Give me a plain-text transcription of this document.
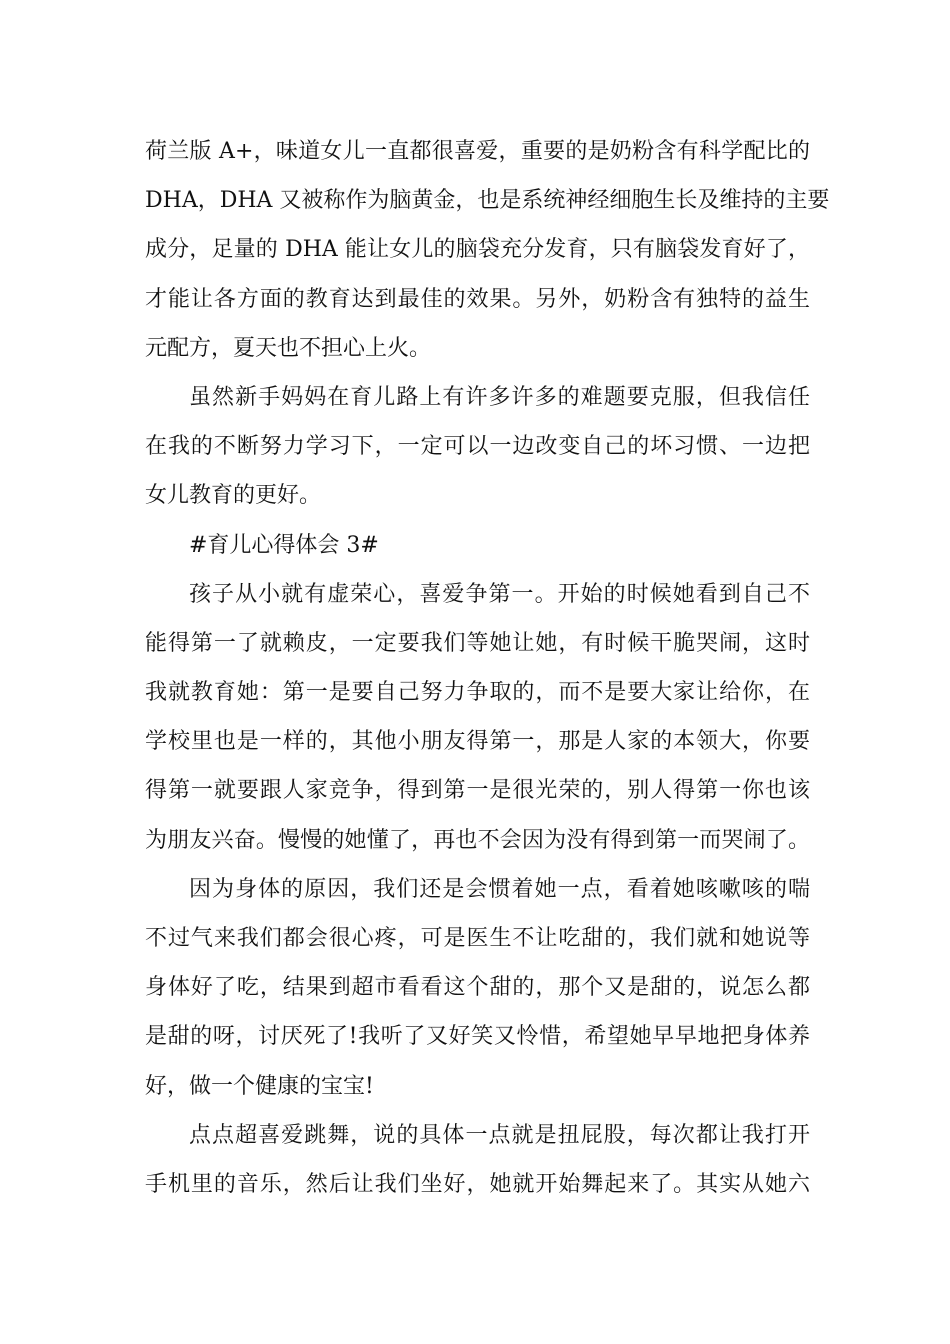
荷兰版 A+，味道女儿一直都很喜爱，重要的是奶粉含有科学配比的
DHA，DHA 又被称作为脑黄金，也是系统神经细胞生长及维持的主要
成分，足量的 DHA 能让女儿的脑袋充分发育，只有脑袋发育好了，
才能让各方面的教育达到最佳的效果。另外，奶粉含有独特的益生
元配方，夏天也不担心上火。
虽然新手妈妈在育儿路上有许多许多的难题要克服，但我信任
在我的不断努力学习下，一定可以一边改变自己的坏习惯、一边把
女儿教育的更好。
#育儿心得体会 3#
孩子从小就有虚荣心，喜爱争第一。开始的时候她看到自己不
能得第一了就赖皮，一定要我们等她让她，有时候干脆哭闹，这时
我就教育她：第一是要自己努力争取的，而不是要大家让给你，在
学校里也是一样的，其他小朋友得第一，那是人家的本领大，你要
得第一就要跟人家竞争，得到第一是很光荣的，别人得第一你也该
为朋友兴奋。慢慢的她懂了，再也不会因为没有得到第一而哭闹了。
因为身体的原因，我们还是会惯着她一点，看着她咳嗽咳的喘
不过气来我们都会很心疼，可是医生不让吃甜的，我们就和她说等
身体好了吃，结果到超市看看这个甜的，那个又是甜的，说怎么都
是甜的呀，讨厌死了!我听了又好笑又怜惜，希望她早早地把身体养
好，做一个健康的宝宝!
点点超喜爱跳舞，说的具体一点就是扭屁股，每次都让我打开
手机里的音乐，然后让我们坐好，她就开始舞起来了。其实从她六
